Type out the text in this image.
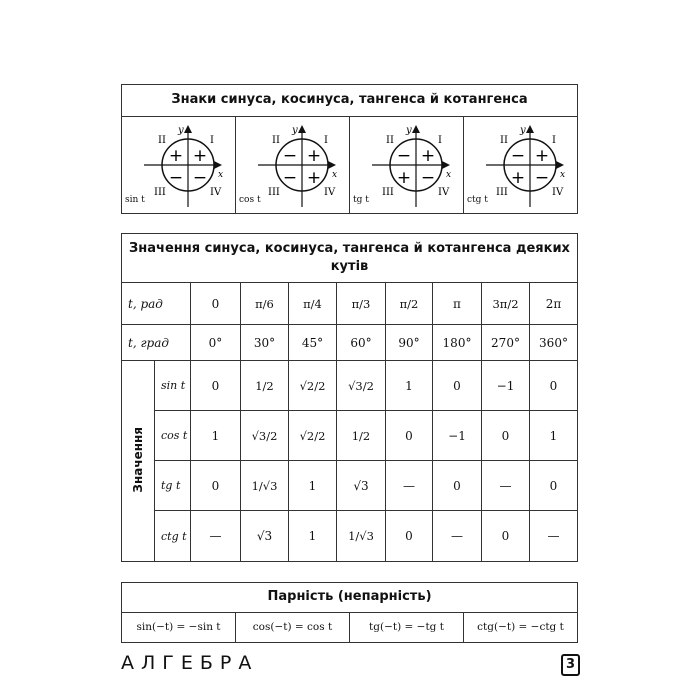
Знаки синуса, косинуса, тангенса й котангенса
y
x
II	I
III	IV
+ +
− −
sin t
y
x
II	I
III	IV
− +
− +
cos t
y
x
II	I
III	IV
− +
+ −
tg t
y
x
II	I
III	IV
− +
+ −
ctg t
Значення синуса, косинуса, тангенса й котангенса деяких кутів									
t, рад		0	π/6	π/4	π/3	π/2	π	3π/2	2π
t, град		0°	30°	45°	60°	90°	180°	270°	360°
Значення	sin t	0	1/2	√2/2	√3/2	1	0	−1	0
	cos t	1	√3/2	√2/2	1/2	0	−1	0	1
	tg t	0	1/√3	1	√3	—	0	—	0
	ctg t	—	√3	1	1/√3	0	—	0	—
Парність (непарність)
sin(−t) = −sin t	cos(−t) = cos t	tg(−t) = −tg t	ctg(−t) = −ctg t
АЛГЕБРА	3
